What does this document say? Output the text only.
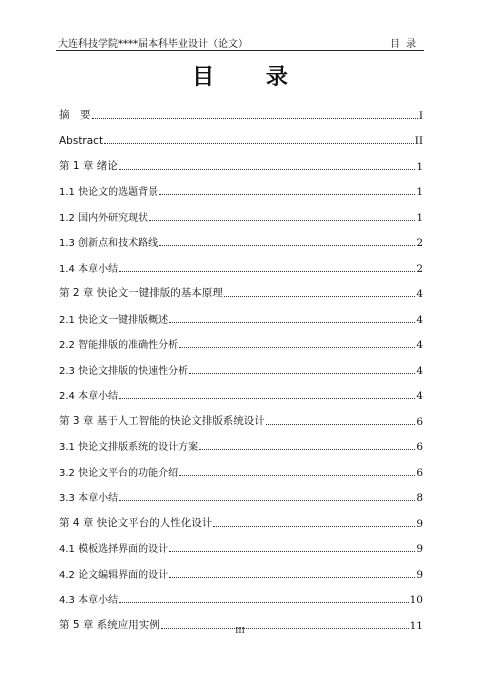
大连科技学院****届本科毕业设计（论文）	目录
目 录
摘　要	I
Abstract	II
第 1 章 绪论	1
1.1 快论文的选题背景	1
1.2 国内外研究现状	1
1.3 创新点和技术路线	2
1.4 本章小结	2
第 2 章 快论文一键排版的基本原理	4
2.1 快论文一键排版概述	4
2.2 智能排版的准确性分析	4
2.3 快论文排版的快速性分析	4
2.4 本章小结	4
第 3 章 基于人工智能的快论文排版系统设计	6
3.1 快论文排版系统的设计方案	6
3.2 快论文平台的功能介绍	6
3.3 本章小结	8
第 4 章 快论文平台的人性化设计	9
4.1 模板选择界面的设计	9
4.2 论文编辑界面的设计	9
4.3 本章小结	10
第 5 章 系统应用实例	11
III
